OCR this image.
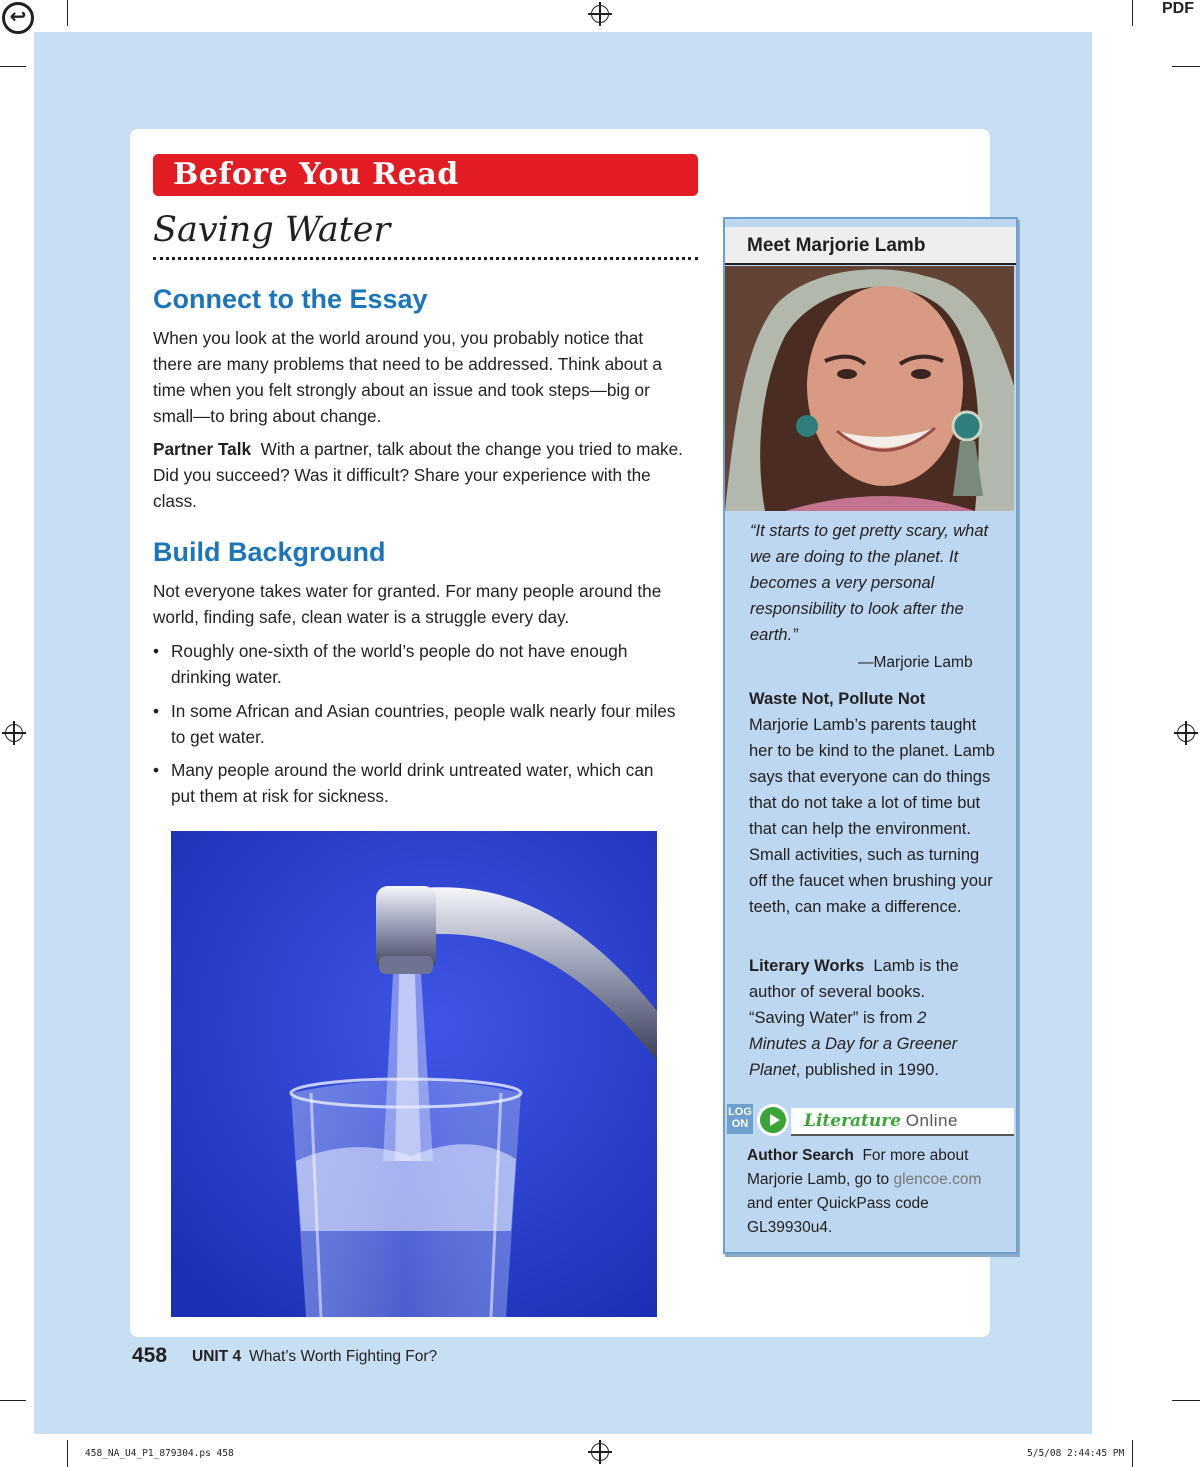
↩	PDF
458_NA_U4_P1_879304.ps 458	5/5/08 2:44:45 PM
Before You Read
Saving Water
Connect to the Essay
When you look at the world around you, you probably notice that there are many problems that need to be addressed. Think about a time when you felt strongly about an issue and took steps—big or small—to bring about change.
Partner Talk With a partner, talk about the change you tried to make. Did you succeed? Was it difficult? Share your experience with the class.
Build Background
Not everyone takes water for granted. For many people around the world, finding safe, clean water is a struggle every day.
• Roughly one-sixth of the world’s people do not have enough drinking water.
• In some African and Asian countries, people walk nearly four miles to get water.
• Many people around the world drink untreated water, which can put them at risk for sickness.
Meet Marjorie Lamb
“It starts to get pretty scary, what we are doing to the planet. It becomes a very personal responsibility to look after the earth.”
—Marjorie Lamb
Waste Not, Pollute Not
Marjorie Lamb’s parents taught her to be kind to the planet. Lamb says that everyone can do things that do not take a lot of time but that can help the environment. Small activities, such as turning off the faucet when brushing your teeth, can make a difference.
Literary Works Lamb is the author of several books. “Saving Water” is from 2 Minutes a Day for a Greener Planet, published in 1990.
LOG ON	Literature Online
Author Search For more about Marjorie Lamb, go to glencoe.com and enter QuickPass code GL39930u4.
458 UNIT 4 What’s Worth Fighting For?
